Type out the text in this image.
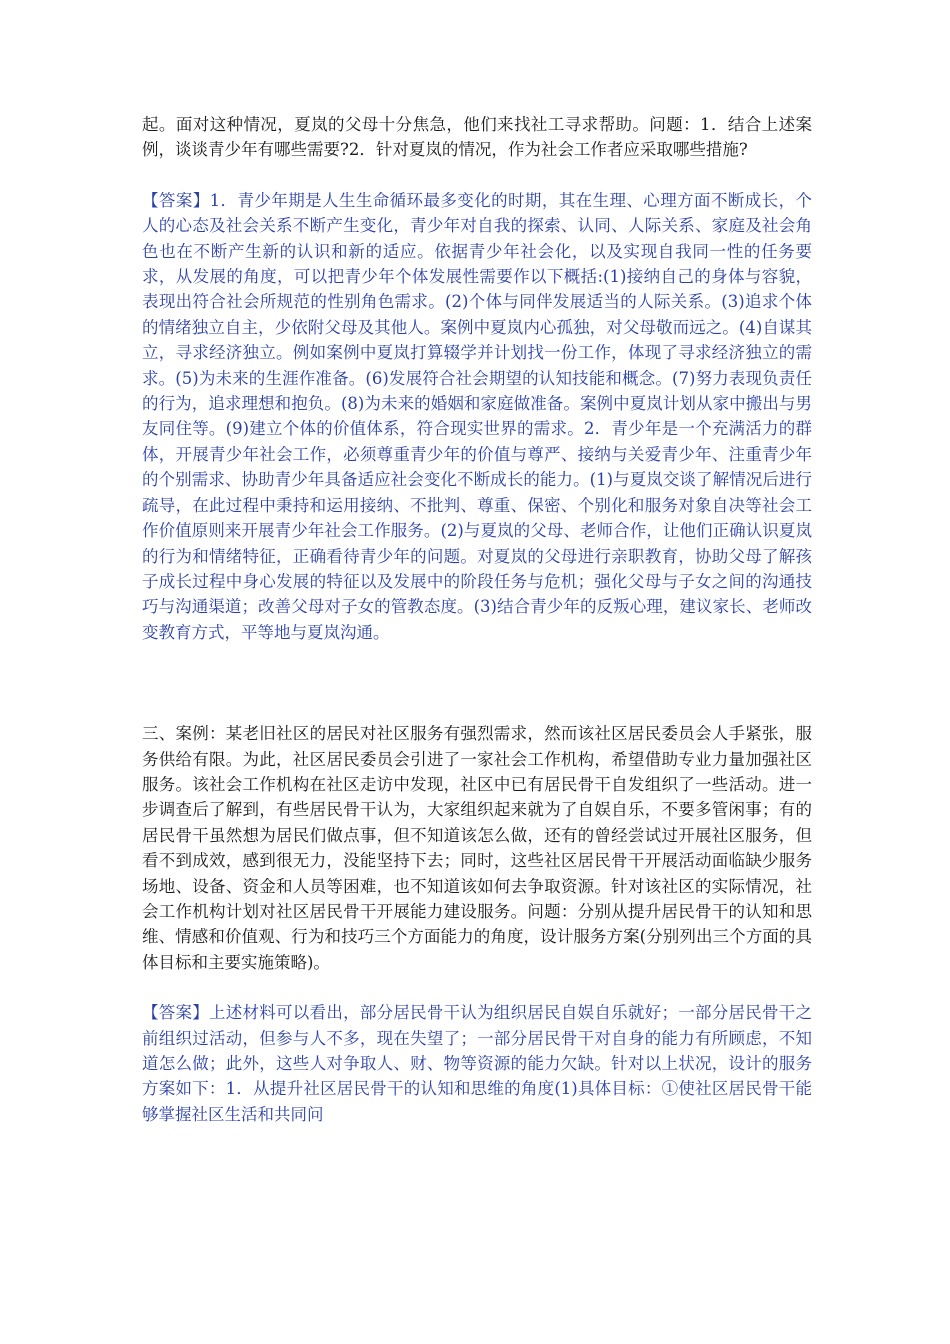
起。面对这种情况，夏岚的父母十分焦急，他们来找社工寻求帮助。问题：1．结合上述案例，谈谈青少年有哪些需要?2．针对夏岚的情况，作为社会工作者应采取哪些措施?

【答案】1．青少年期是人生生命循环最多变化的时期，其在生理、心理方面不断成长，个人的心态及社会关系不断产生变化，青少年对自我的探索、认同、人际关系、家庭及社会角色也在不断产生新的认识和新的适应。依据青少年社会化，以及实现自我同一性的任务要求，从发展的角度，可以把青少年个体发展性需要作以下概括:(1)接纳自己的身体与容貌，表现出符合社会所规范的性别角色需求。(2)个体与同伴发展适当的人际关系。(3)追求个体的情绪独立自主，少依附父母及其他人。案例中夏岚内心孤独，对父母敬而远之。(4)自谋其立，寻求经济独立。例如案例中夏岚打算辍学并计划找一份工作，体现了寻求经济独立的需求。(5)为未来的生涯作准备。(6)发展符合社会期望的认知技能和概念。(7)努力表现负责任的行为，追求理想和抱负。(8)为未来的婚姻和家庭做准备。案例中夏岚计划从家中搬出与男友同住等。(9)建立个体的价值体系，符合现实世界的需求。2．青少年是一个充满活力的群体，开展青少年社会工作，必须尊重青少年的价值与尊严、接纳与关爱青少年、注重青少年的个别需求、协助青少年具备适应社会变化不断成长的能力。(1)与夏岚交谈了解情况后进行疏导，在此过程中秉持和运用接纳、不批判、尊重、保密、个别化和服务对象自决等社会工作价值原则来开展青少年社会工作服务。(2)与夏岚的父母、老师合作，让他们正确认识夏岚的行为和情绪特征，正确看待青少年的问题。对夏岚的父母进行亲职教育，协助父母了解孩子成长过程中身心发展的特征以及发展中的阶段任务与危机；强化父母与子女之间的沟通技巧与沟通渠道；改善父母对子女的管教态度。(3)结合青少年的反叛心理，建议家长、老师改变教育方式，平等地与夏岚沟通。

三、案例：某老旧社区的居民对社区服务有强烈需求，然而该社区居民委员会人手紧张，服务供给有限。为此，社区居民委员会引进了一家社会工作机构，希望借助专业力量加强社区服务。该社会工作机构在社区走访中发现，社区中已有居民骨干自发组织了一些活动。进一步调查后了解到，有些居民骨干认为，大家组织起来就为了自娱自乐，不要多管闲事；有的居民骨干虽然想为居民们做点事，但不知道该怎么做，还有的曾经尝试过开展社区服务，但看不到成效，感到很无力，没能坚持下去；同时，这些社区居民骨干开展活动面临缺少服务场地、设备、资金和人员等困难，也不知道该如何去争取资源。针对该社区的实际情况，社会工作机构计划对社区居民骨干开展能力建设服务。问题：分别从提升居民骨干的认知和思维、情感和价值观、行为和技巧三个方面能力的角度，设计服务方案(分别列出三个方面的具体目标和主要实施策略)。

【答案】上述材料可以看出，部分居民骨干认为组织居民自娱自乐就好；一部分居民骨干之前组织过活动，但参与人不多，现在失望了；一部分居民骨干对自身的能力有所顾虑，不知道怎么做；此外，这些人对争取人、财、物等资源的能力欠缺。针对以上状况，设计的服务方案如下：1．从提升社区居民骨干的认知和思维的角度(1)具体目标：①使社区居民骨干能够掌握社区生活和共同问
